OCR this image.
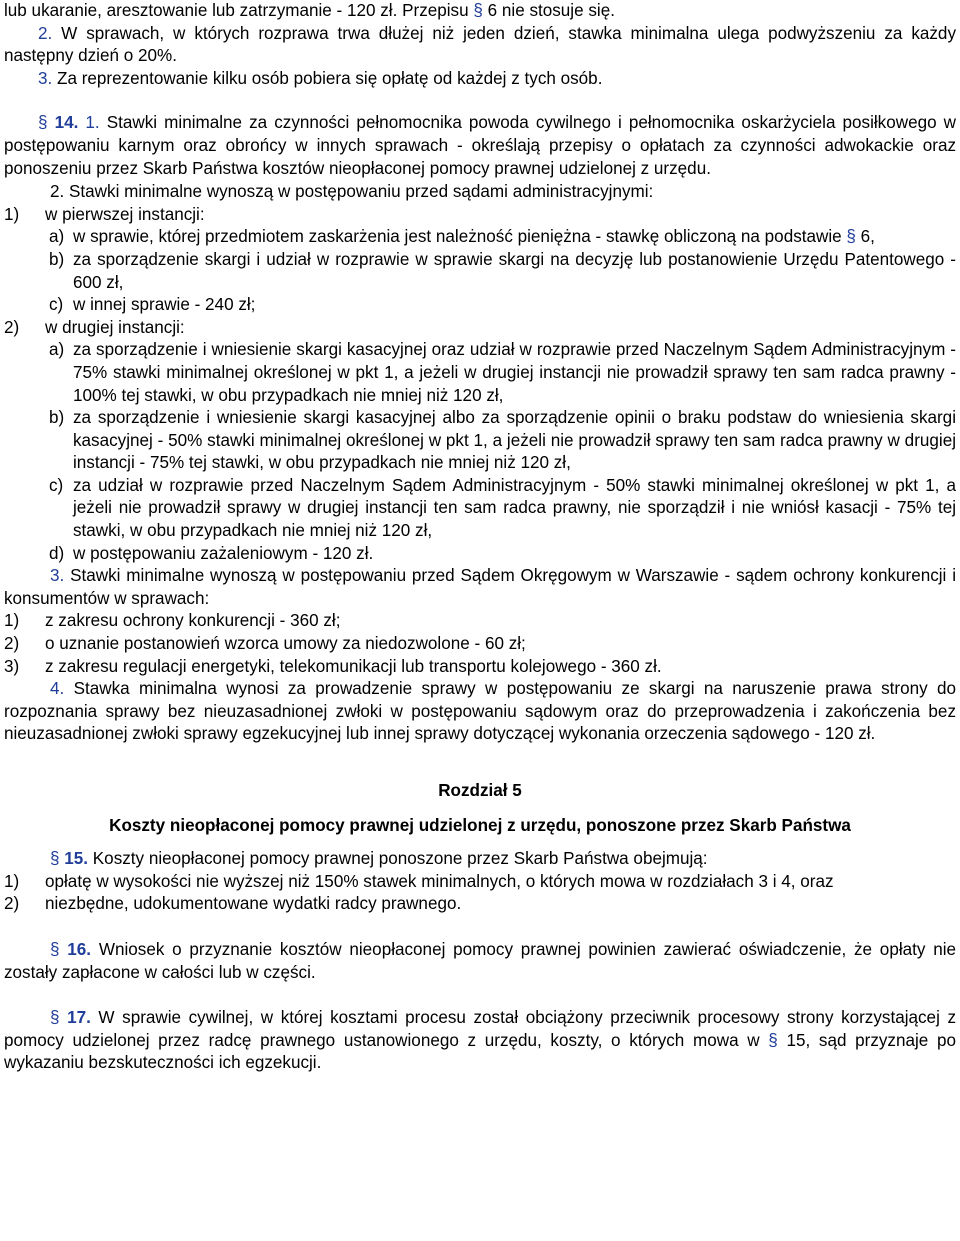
lub ukaranie, aresztowanie lub zatrzymanie - 120 zł. Przepisu § 6 nie stosuje się.

2. W sprawach, w których rozprawa trwa dłużej niż jeden dzień, stawka minimalna ulega podwyższeniu za każdy następny dzień o 20%.

3. Za reprezentowanie kilku osób pobiera się opłatę od każdej z tych osób.

§ 14. 1. Stawki minimalne za czynności pełnomocnika powoda cywilnego i pełnomocnika oskarżyciela posiłkowego w postępowaniu karnym oraz obrońcy w innych sprawach - określają przepisy o opłatach za czynności adwokackie oraz ponoszeniu przez Skarb Państwa kosztów nieopłaconej pomocy prawnej udzielonej z urzędu.

2. Stawki minimalne wynoszą w postępowaniu przed sądami administracyjnymi:

1) w pierwszej instancji:

a) w sprawie, której przedmiotem zaskarżenia jest należność pieniężna - stawkę obliczoną na podstawie § 6,

b) za sporządzenie skargi i udział w rozprawie w sprawie skargi na decyzję lub postanowienie Urzędu Patentowego - 600 zł,

c) w innej sprawie - 240 zł;

2) w drugiej instancji:

a) za sporządzenie i wniesienie skargi kasacyjnej oraz udział w rozprawie przed Naczelnym Sądem Administracyjnym - 75% stawki minimalnej określonej w pkt 1, a jeżeli w drugiej instancji nie prowadził sprawy ten sam radca prawny - 100% tej stawki, w obu przypadkach nie mniej niż 120 zł,

b) za sporządzenie i wniesienie skargi kasacyjnej albo za sporządzenie opinii o braku podstaw do wniesienia skargi kasacyjnej - 50% stawki minimalnej określonej w pkt 1, a jeżeli nie prowadził sprawy ten sam radca prawny w drugiej instancji - 75% tej stawki, w obu przypadkach nie mniej niż 120 zł,

c) za udział w rozprawie przed Naczelnym Sądem Administracyjnym - 50% stawki minimalnej określonej w pkt 1, a jeżeli nie prowadził sprawy w drugiej instancji ten sam radca prawny, nie sporządził i nie wniósł kasacji - 75% tej stawki, w obu przypadkach nie mniej niż 120 zł,

d) w postępowaniu zażaleniowym - 120 zł.

3. Stawki minimalne wynoszą w postępowaniu przed Sądem Okręgowym w Warszawie - sądem ochrony konkurencji i konsumentów w sprawach:

1) z zakresu ochrony konkurencji - 360 zł;

2) o uznanie postanowień wzorca umowy za niedozwolone - 60 zł;

3) z zakresu regulacji energetyki, telekomunikacji lub transportu kolejowego - 360 zł.

4. Stawka minimalna wynosi za prowadzenie sprawy w postępowaniu ze skargi na naruszenie prawa strony do rozpoznania sprawy bez nieuzasadnionej zwłoki w postępowaniu sądowym oraz do przeprowadzenia i zakończenia bez nieuzasadnionej zwłoki sprawy egzekucyjnej lub innej sprawy dotyczącej wykonania orzeczenia sądowego - 120 zł.

Rozdział 5

Koszty nieopłaconej pomocy prawnej udzielonej z urzędu, ponoszone przez Skarb Państwa

§ 15. Koszty nieopłaconej pomocy prawnej ponoszone przez Skarb Państwa obejmują:

1) opłatę w wysokości nie wyższej niż 150% stawek minimalnych, o których mowa w rozdziałach 3 i 4, oraz

2) niezbędne, udokumentowane wydatki radcy prawnego.

§ 16. Wniosek o przyznanie kosztów nieopłaconej pomocy prawnej powinien zawierać oświadczenie, że opłaty nie zostały zapłacone w całości lub w części.

§ 17. W sprawie cywilnej, w której kosztami procesu został obciążony przeciwnik procesowy strony korzystającej z pomocy udzielonej przez radcę prawnego ustanowionego z urzędu, koszty, o których mowa w § 15, sąd przyznaje po wykazaniu bezskuteczności ich egzekucji.
